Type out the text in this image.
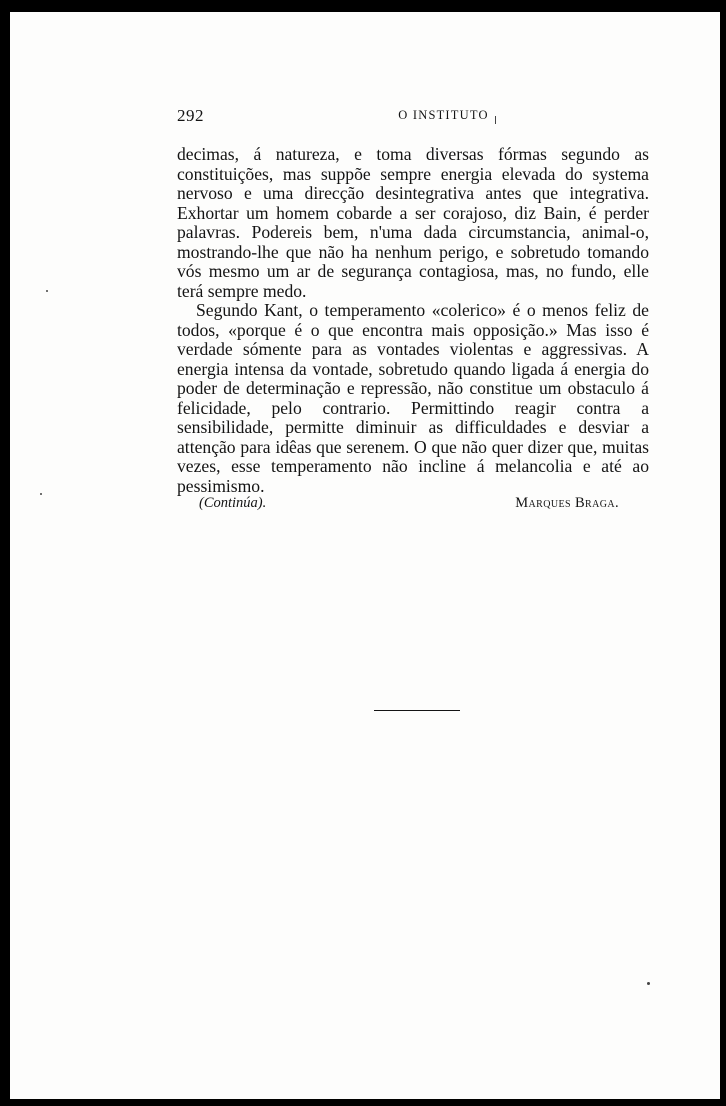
292	O INSTITUTO

decimas, á natureza, e toma diversas fórmas segundo as constituições, mas suppõe sempre energia elevada do systema nervoso e uma direcção desintegrativa antes que integrativa. Exhortar um homem cobarde a ser corajoso, diz Bain, é perder palavras. Podereis bem, n'uma dada circumstancia, animal-o, mostrando-lhe que não ha nenhum perigo, e sobretudo tomando vós mesmo um ar de segurança contagiosa, mas, no fundo, elle terá sempre medo.

Segundo Kant, o temperamento «colerico» é o menos feliz de todos, «porque é o que encontra mais opposição.» Mas isso é verdade sómente para as vontades violentas e aggressivas. A energia intensa da vontade, sobretudo quando ligada á energia do poder de determinação e repressão, não constitue um obstaculo á felicidade, pelo contrario. Permittindo reagir contra a sensibilidade, permitte diminuir as difficuldades e desviar a attenção para idêas que serenem. O que não quer dizer que, muitas vezes, esse temperamento não incline á melancolia e até ao pessimismo.

(Continúa).	Marques Braga.
